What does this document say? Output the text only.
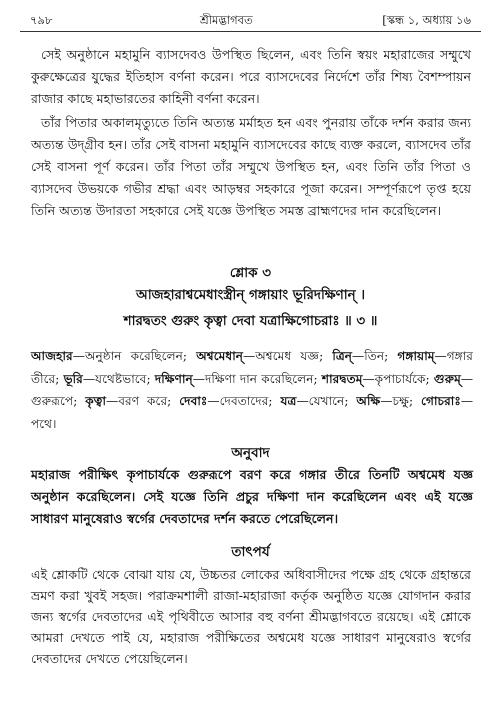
৭৯৮	শ্রীমদ্ভাগবত	[স্কন্ধ ১, অধ্যায় ১৬

সেই অনুষ্ঠানে মহামুনি ব্যাসদেবও উপস্থিত ছিলেন, এবং তিনি স্বয়ং মহারাজের সম্মুখে কুরুক্ষেত্রের যুদ্ধের ইতিহাস বর্ণনা করেন। পরে ব্যাসদেবের নির্দেশে তাঁর শিষ্য বৈশম্পায়ন রাজার কাছে মহাভারতের কাহিনী বর্ণনা করেন।

তাঁর পিতার অকালমৃত্যুতে তিনি অত্যন্ত মর্মাহত হন এবং পুনরায় তাঁকে দর্শন করার জন্য অত্যন্ত উদ্গ্রীব হন। তাঁর সেই বাসনা মহামুনি ব্যাসদেবের কাছে ব্যক্ত করলে, ব্যাসদেব তাঁর সেই বাসনা পূর্ণ করেন। তাঁর পিতা তাঁর সম্মুখে উপস্থিত হন, এবং তিনি তাঁর পিতা ও ব্যাসদেব উভয়কে গভীর শ্রদ্ধা এবং আড়ম্বর সহকারে পূজা করেন। সম্পূর্ণরূপে তৃপ্ত হয়ে তিনি অত্যন্ত উদারতা সহকারে সেই যজ্ঞে উপস্থিত সমস্ত ব্রাহ্মণদের দান করেছিলেন।

শ্লোক ৩
আজহারাশ্বমেধাংস্ত্রীন্ গঙ্গায়াং ভূরিদক্ষিণান্ ।
শারদ্বতং গুরুং কৃত্বা দেবা যত্রাক্ষিগোচরাঃ ॥ ৩ ॥
আজহার—অনুষ্ঠান করেছিলেন; অশ্বমেধান্—অশ্বমেধ যজ্ঞ; ত্রিন্—তিন; গঙ্গায়াম্—গঙ্গার তীরে; ভূরি—যথেষ্টভাবে; দক্ষিণান্—দক্ষিণা দান করেছিলেন; শারদ্বতম্—কৃপাচার্যকে; গুরুম্—গুরুরূপে; কৃত্বা—বরণ করে; দেবাঃ—দেবতাদের; যত্র—যেখানে; অক্ষি—চক্ষু; গোচরাঃ—পথে।
অনুবাদ

মহারাজ পরীক্ষিৎ কৃপাচার্যকে গুরুরূপে বরণ করে গঙ্গার তীরে তিনটি অশ্বমেধ যজ্ঞ অনুষ্ঠান করেছিলেন। সেই যজ্ঞে তিনি প্রচুর দক্ষিণা দান করেছিলেন এবং এই যজ্ঞে সাধারণ মানুষেরাও স্বর্গের দেবতাদের দর্শন করতে পেরেছিলেন।

তাৎপর্য

এই শ্লোকটি থেকে বোঝা যায় যে, উচ্চতর লোকের অধিবাসীদের পক্ষে গ্রহ থেকে গ্রহান্তরে ভ্রমণ করা খুবই সহজ। পরাক্রমশালী রাজা-মহারাজা কর্তৃক অনুষ্ঠিত যজ্ঞে যোগদান করার জন্য স্বর্গের দেবতাদের এই পৃথিবীতে আসার বহু বর্ণনা শ্রীমদ্ভাগবতে রয়েছে। এই শ্লোকে আমরা দেখতে পাই যে, মহারাজ পরীক্ষিতের অশ্বমেধ যজ্ঞে সাধারণ মানুষেরাও স্বর্গের দেবতাদের দেখতে পেয়েছিলেন।
